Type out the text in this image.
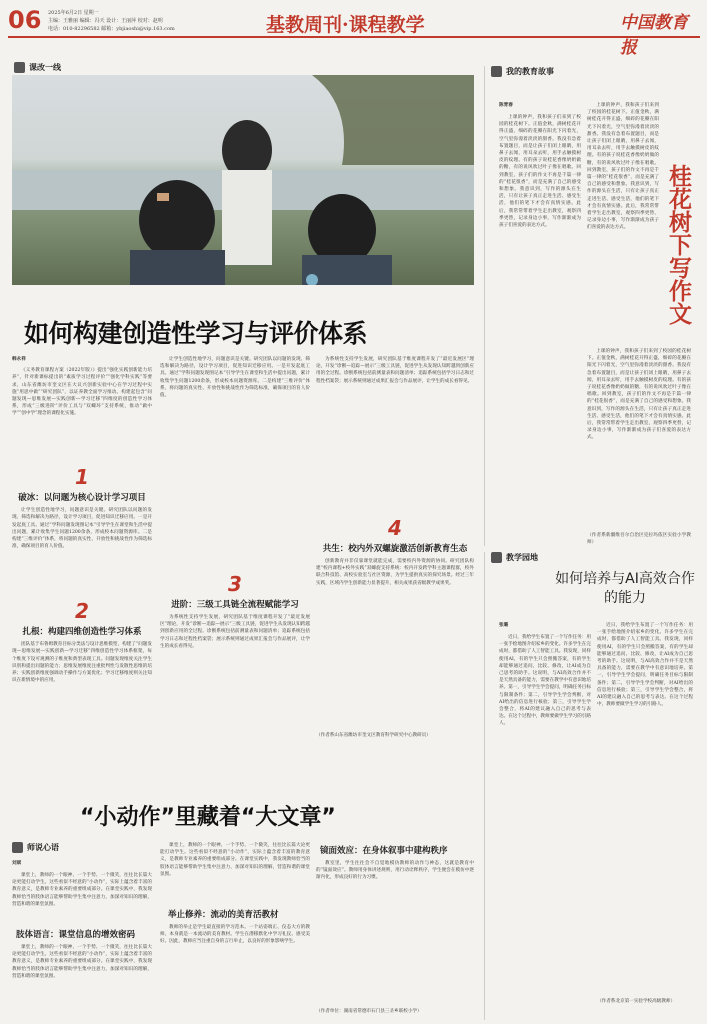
06 2025年6月2日 星期一
主编：王雅丽 编辑：冯天 设计：王丽萍 校对：赵明
电话：010-82296582 邮箱：ybjiaoshi@vip.163.com	基教周刊·课程教学	中国教育报
课改一线
如何构建创造性学习与评价体系
韩永祥

《义务教育课程方案（2022年版）》提出“强化实践创新能力培养”，针对新课标提出的“素质学习过程评价”“强化学科实践”等要求，山东省潍坊市奎文区在大议兴创新实验中心在学习过程中实施“用思中做”“研究团队”，以证养教全面学习推动。构建起包含“问题发现—思维发展—实践创新—学习迁移”四维度的创造性学习体系，形成“三级进阶”评价工具与“双螺环”支持系统，推动“做中学”“创中学”理念的课程化实施。

1
破冰：以问题为核心设计学习项目

让学生创造性地学习，问题意识是关键。研究团队以问题的发现、筛选和解决为路径，设计学习项目，促进知识迁移应用。一是开发起底工具。通过“学科问题发现图记本“引导学生在课堂和生活中提出问题，累计收集学生问题1200余条，形成校本问题资源库。二是构建“三维评价”体系，将问题的真实性、开放性和挑战性作为筛选标准，确保项目的育人价值。

2
扎根：构建四维创造性学习体系

团队基于布鲁姆教育目标分类法与设计思维模型，构建了“问题发现—思维发展—实践创新—学习迁移”四维创造性学习体系框架，每个维度下设可观测的子维度和典型表现工具。问题发现维度关注学生识别和提出问题的能力；思维发展维度注重批判性与发散性思维的培养；实践创新维度强调动手操作与方案优化；学习迁移维度则关注知识在新情境中的应用。

让学生创造性地学习，问题意识是关键。研究团队以问题的发现、筛选和解决为路径，设计学习项目，促进知识迁移应用。一是开发起底工具。通过“学科问题发现图记本“引导学生在课堂和生活中提出问题，累计收集学生问题1200余条，形成校本问题资源库。二是构建“三维评价”体系，将问题的真实性、开放性和挑战性作为筛选标准，确保项目的育人价值。

3
进阶：三级工具链全流程赋能学习

为系统性支持学生发展，研究团队基于维度课程开发了“最近发展区”理论，开发“诊断—追踪—展示“三级工具链，促进学生从发现认知跨越到创新应用的全过程。诊断系统包括前测量表和问题清单；追踪系统包括学习日志和过程性档案袋；展示系统则通过成果汇报会与作品展评，让学生的成长看得见。

为系统性支持学生发展，研究团队基于维度课程开发了“最近发展区”理论，开发“诊断—追踪—展示“三级工具链，促进学生从发现认知跨越到创新应用的全过程。诊断系统包括前测量表和问题清单；追踪系统包括学习日志和过程性档案袋；展示系统则通过成果汇报会与作品展评，让学生的成长看得见。

4
共生：校内外双螺旋激活创新教育生态

创新教育并非仅靠课堂就能完成，需要校内外资源的协同。研究团队构建“校内课程+校外实践”双螺旋支持系统：校内开发跨学科主题课程群，校外联合科技馆、高校实验室与社区资源，为学生提供真实的探究场景。经过三年实践，区域内学生创新能力显著提升，相关成果获省级教学成果奖。

（作者系山东省潍坊市奎文区教育科学研究中心教研员）
我的教育故事
陈青春

上课的钟声，我和孩子们来到了校园的桂花树下。正值金秋，满树桂花开得正盛，细碎的花瓣在阳光下闪着光，空气里弥漫着淡淡的甜香。我没有急着布置题目，而是让孩子们闭上眼睛，用鼻子去闻，用耳朵去听，用手去触摸树皮的纹理。有的孩子说桂花香像奶奶做的糖，有的说风吹过叶子像在唱歌。回到教室，孩子们的作文不再是千篇一律的“桂花很香”，而是充满了自己的感受和想象。我意识到，写作的源头在生活，只有让孩子真正走进生活、感受生活，他们的笔下才会有真情实感。此后，我常常带着学生走出教室，观察四季更替，记录身边小事，写作渐渐成为孩子们喜爱的表达方式。

上课的钟声，我和孩子们来到了校园的桂花树下。正值金秋，满树桂花开得正盛，细碎的花瓣在阳光下闪着光，空气里弥漫着淡淡的甜香。我没有急着布置题目，而是让孩子们闭上眼睛，用鼻子去闻，用耳朵去听，用手去触摸树皮的纹理。有的孩子说桂花香像奶奶做的糖，有的说风吹过叶子像在唱歌。回到教室，孩子们的作文不再是千篇一律的“桂花很香”，而是充满了自己的感受和想象。我意识到，写作的源头在生活，只有让孩子真正走进生活、感受生活，他们的笔下才会有真情实感。此后，我常常带着学生走出教室，观察四季更替，记录身边小事，写作渐渐成为孩子们喜爱的表达方式。	桂花树下写作文

上课的钟声，我和孩子们来到了校园的桂花树下。正值金秋，满树桂花开得正盛，细碎的花瓣在阳光下闪着光，空气里弥漫着淡淡的甜香。我没有急着布置题目，而是让孩子们闭上眼睛，用鼻子去闻，用耳朵去听，用手去触摸树皮的纹理。有的孩子说桂花香像奶奶做的糖，有的说风吹过叶子像在唱歌。回到教室，孩子们的作文不再是千篇一律的“桂花很香”，而是充满了自己的感受和想象。我意识到，写作的源头在生活，只有让孩子真正走进生活、感受生活，他们的笔下才会有真情实感。此后，我常常带着学生走出教室，观察四季更替，记录身边小事，写作渐渐成为孩子们喜爱的表达方式。

（作者系新疆维吾尔自治区克拉玛依区实验小学教师）
教学园地
如何培养与AI高效合作的能力
张璐

近日，我给学生布置了一个写作任务：用一张手绘地图介绍家乡的变化。许多学生在完成时，都借助了人工智能工具。我发现，同样使用AI，有的学生只会照搬答案，有的学生却能够通过追问、比较、修改，让AI成为自己思考的助手。这说明，与AI高效合作并不是天然具备的能力，需要在教学中有意识地培养。第一，引导学生学会提问，明确任务目标与限制条件；第二，引导学生学会判断，对AI给出的信息进行核验；第三，引导学生学会整合，将AI的建议融入自己的思考与表达。在这个过程中，教师要做学生学习的引路人。

近日，我给学生布置了一个写作任务：用一张手绘地图介绍家乡的变化。许多学生在完成时，都借助了人工智能工具。我发现，同样使用AI，有的学生只会照搬答案，有的学生却能够通过追问、比较、修改，让AI成为自己思考的助手。这说明，与AI高效合作并不是天然具备的能力，需要在教学中有意识地培养。第一，引导学生学会提问，明确任务目标与限制条件；第二，引导学生学会判断，对AI给出的信息进行核验；第三，引导学生学会整合，将AI的建议融入自己的思考与表达。在这个过程中，教师要做学生学习的引路人。

（作者系北京第一实验学校高级教师）
“小动作”里藏着“大文章”
师说心语
刘斌

课堂上，教师的一个眼神、一个手势、一个微笑，往往比长篇大论更能打动学生。这些看似不经意的“小动作”，实际上蕴含着丰富的教育意义，是教师专业素养的重要组成部分。在课堂实践中，我发现教师恰当的肢体语言能够帮助学生集中注意力，加深对知识的理解，营造和谐的课堂氛围。

肢体语言：课堂信息的增效密码

课堂上，教师的一个眼神、一个手势、一个微笑，往往比长篇大论更能打动学生。这些看似不经意的“小动作”，实际上蕴含着丰富的教育意义，是教师专业素养的重要组成部分。在课堂实践中，我发现教师恰当的肢体语言能够帮助学生集中注意力，加深对知识的理解，营造和谐的课堂氛围。

课堂上，教师的一个眼神、一个手势、一个微笑，往往比长篇大论更能打动学生。这些看似不经意的“小动作”，实际上蕴含着丰富的教育意义，是教师专业素养的重要组成部分。在课堂实践中，我发现教师恰当的肢体语言能够帮助学生集中注意力，加深对知识的理解，营造和谐的课堂氛围。

举止修养：流动的美育活教材

教师的举止是学生最直接的学习范本。一个站姿端正、仪态大方的教师，本身就是一本流动的美育教材。学生在潜移默化中学习礼仪、感受美好。因此，教师应当注重自身的言行举止，以良好的形象影响学生。

镜面效应：在身体叙事中建构秩序

教室里，学生往往会不自觉地模仿教师的动作与神态，这就是教育中的“镜面效应”。教师用身体讲述规则，用行动诠释秩序，学生便会在模仿中逐渐内化，形成良好的行为习惯。

（作者单位：湖南省常德市石门县三圣乡联校小学）
